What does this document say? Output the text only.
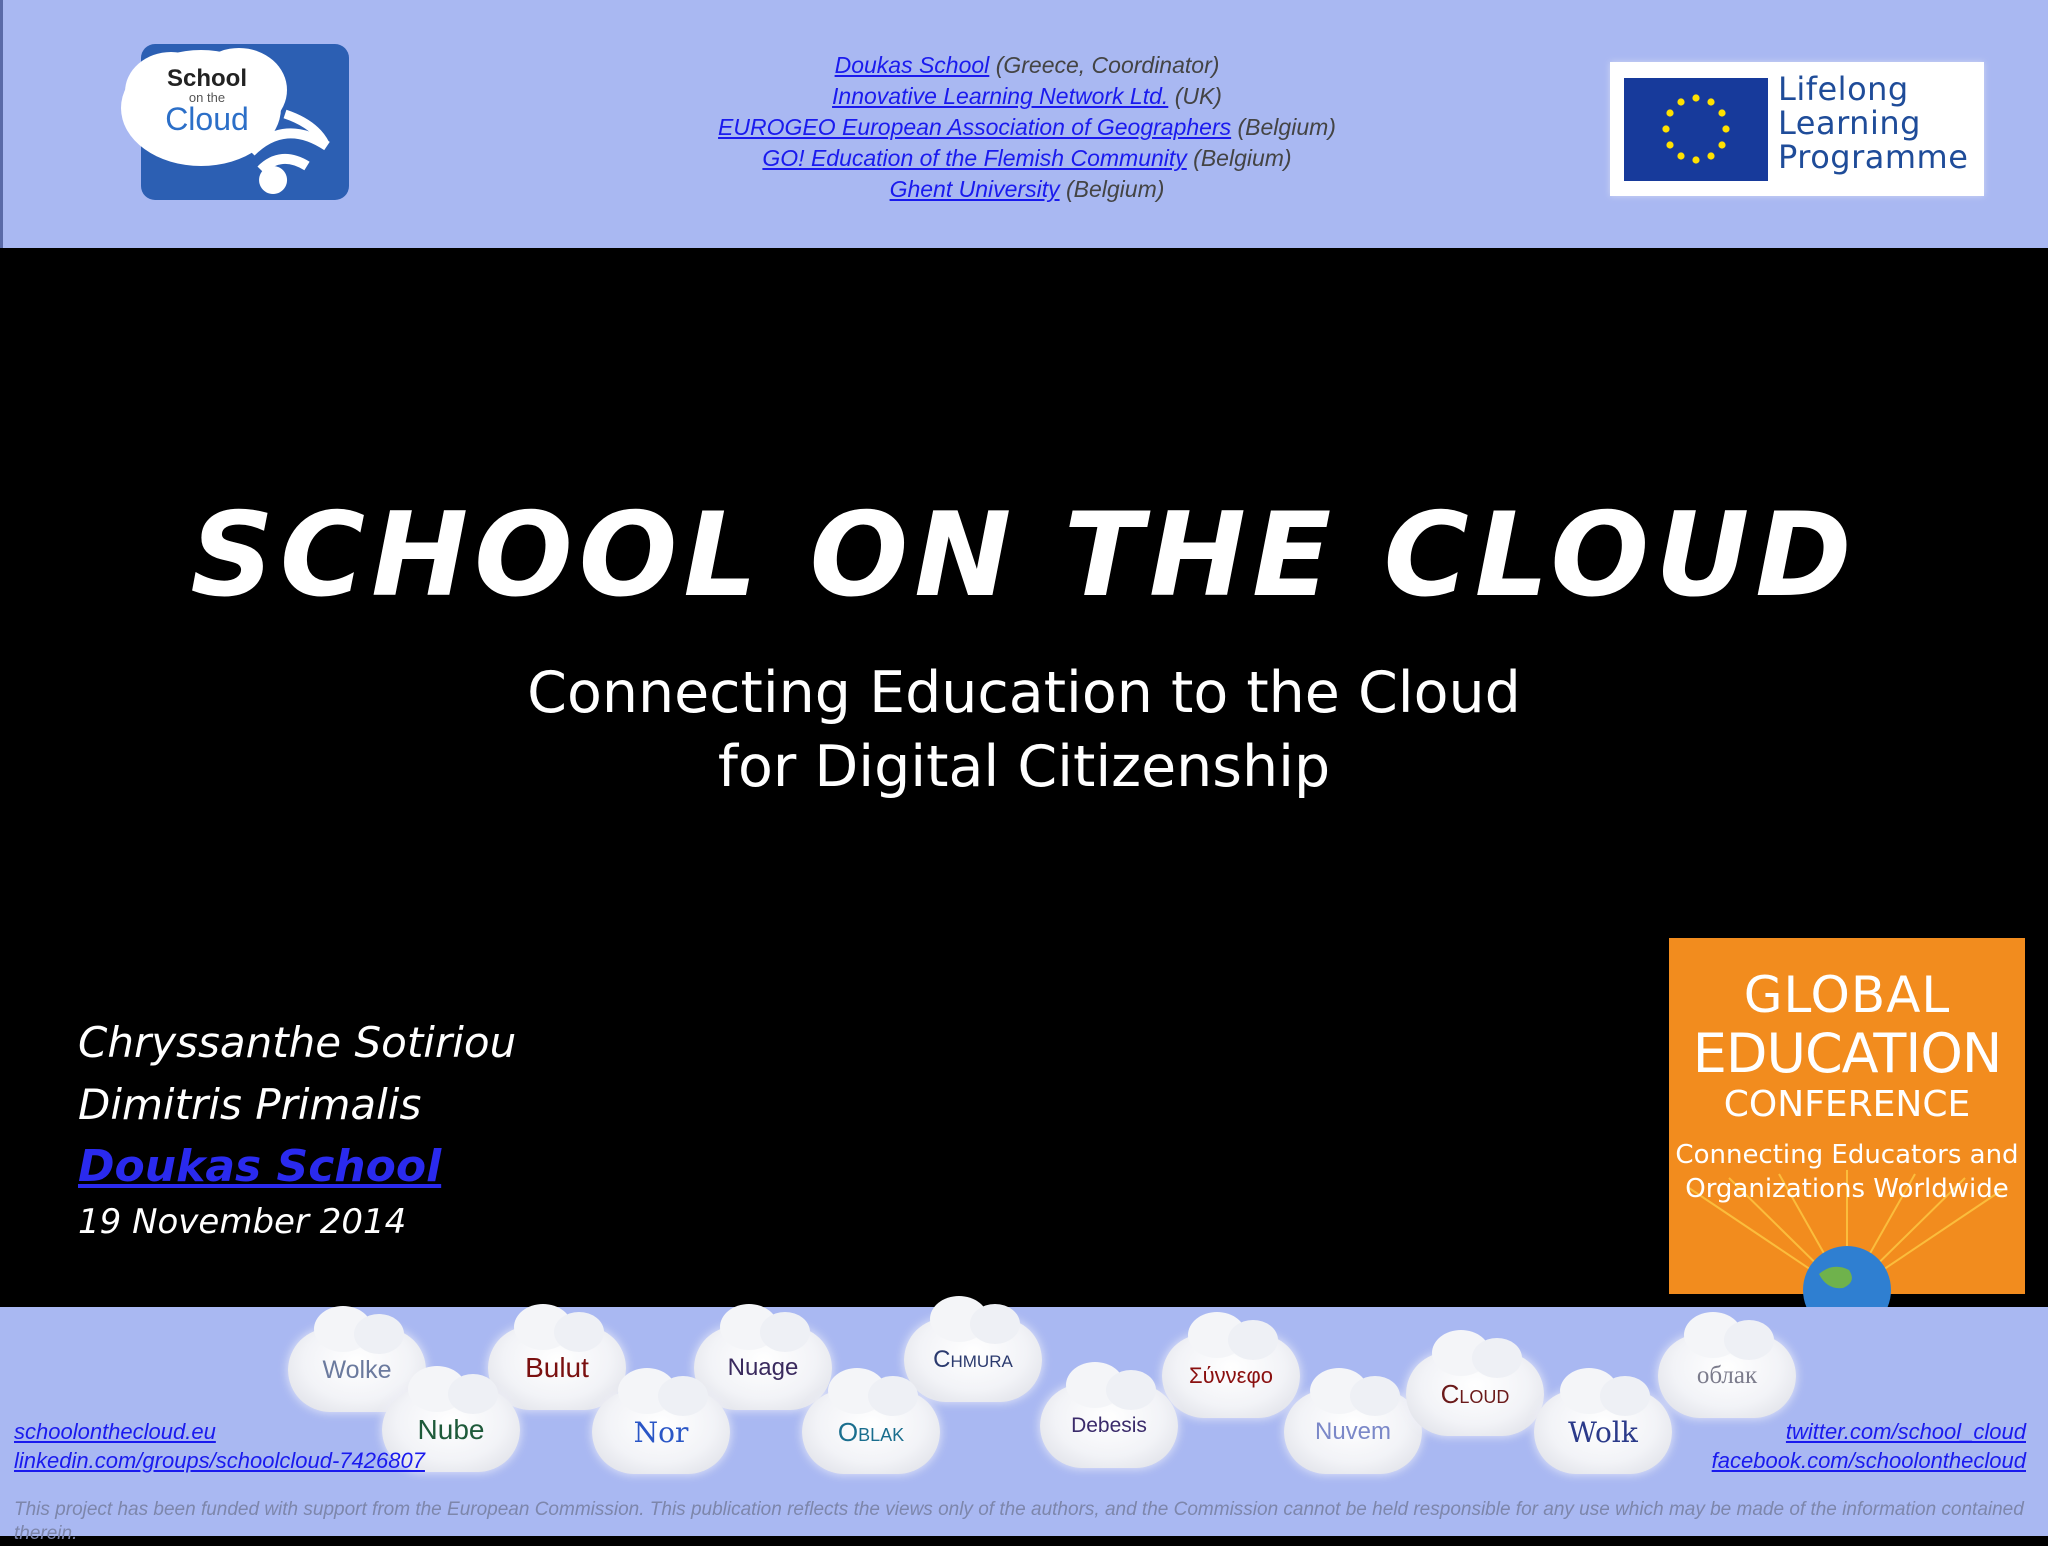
School
on the
Cloud
Doukas School (Greece, Coordinator)
Innovative Learning Network Ltd. (UK)
EUROGEO European Association of Geographers (Belgium)
GO! Education of the Flemish Community (Belgium)
Ghent University (Belgium)
Lifelong
Learning
Programme
SCHOOL ON THE CLOUD
Connecting Education to the Cloud
for Digital Citizenship
Chryssanthe Sotiriou
Dimitris Primalis
Doukas School
19 November 2014
GLOBAL
EDUCATION
CONFERENCE
Connecting Educators and
Organizations Worldwide
Wolke	Bulut	Nuage	Chmura
Σύννεφο	облак
Nube	Nor	Oblak	Debesis	Nuvem
Cloud
Wolk
schoolonthecloud.eu
linkedin.com/groups/schoolcloud-7426807
twitter.com/school_cloud
facebook.com/schoolonthecloud
This project has been funded with support from the European Commission. This publication reflects the views only of the authors, and the Commission cannot be held responsible for any use which may be made of the information contained therein.
